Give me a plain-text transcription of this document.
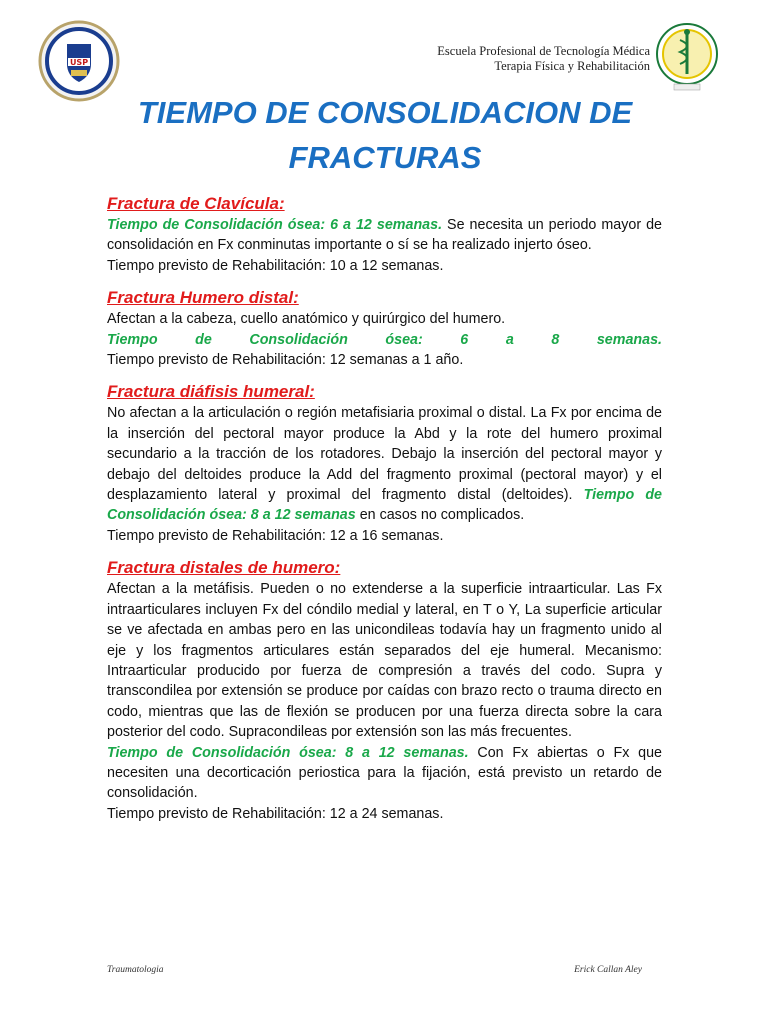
USP
Escuela Profesional de Tecnología Médica
Terapia Física y Rehabilitación
TIEMPO DE CONSOLIDACION DE
FRACTURAS

Fractura de Clavícula:

Tiempo de Consolidación ósea: 6 a 12 semanas. Se necesita un periodo mayor de consolidación en Fx conminutas importante o sí se ha realizado injerto óseo.

Tiempo previsto de Rehabilitación: 10 a 12 semanas.

Fractura Humero distal:

Afectan a la cabeza, cuello anatómico y quirúrgico del humero.

Tiempo de Consolidación ósea: 6 a 8 semanas.

Tiempo previsto de Rehabilitación: 12 semanas a 1 año.

Fractura diáfisis humeral:

No afectan a la articulación o región metafisiaria proximal o distal. La Fx por encima de la inserción del pectoral mayor produce la Abd y la rote del humero proximal secundario a la tracción de los rotadores. Debajo la inserción del pectoral mayor y debajo del deltoides produce la Add del fragmento proximal (pectoral mayor) y el desplazamiento lateral y proximal del fragmento distal (deltoides). Tiempo de Consolidación ósea: 8 a 12 semanas en casos no complicados.

Tiempo previsto de Rehabilitación: 12 a 16 semanas.

Fractura distales de humero:

Afectan a la metáfisis. Pueden o no extenderse a la superficie intraarticular. Las Fx intraarticulares incluyen Fx del cóndilo medial y lateral, en T o Y, La superficie articular se ve afectada en ambas pero en las unicondileas todavía hay un fragmento unido al eje y los fragmentos articulares están separados del eje humeral. Mecanismo: Intraarticular producido por fuerza de compresión a través del codo. Supra y transcondilea por extensión se produce por caídas con brazo recto o trauma directo en codo, mientras que las de flexión se producen por una fuerza directa sobre la cara posterior del codo. Supracondileas por extensión son las más frecuentes.

Tiempo de Consolidación ósea: 8 a 12 semanas. Con Fx abiertas o Fx que necesiten una decorticación periostica para la fijación, está previsto un retardo de consolidación.

Tiempo previsto de Rehabilitación: 12 a 24 semanas.

Traumatologia	Erick Callan Aley
